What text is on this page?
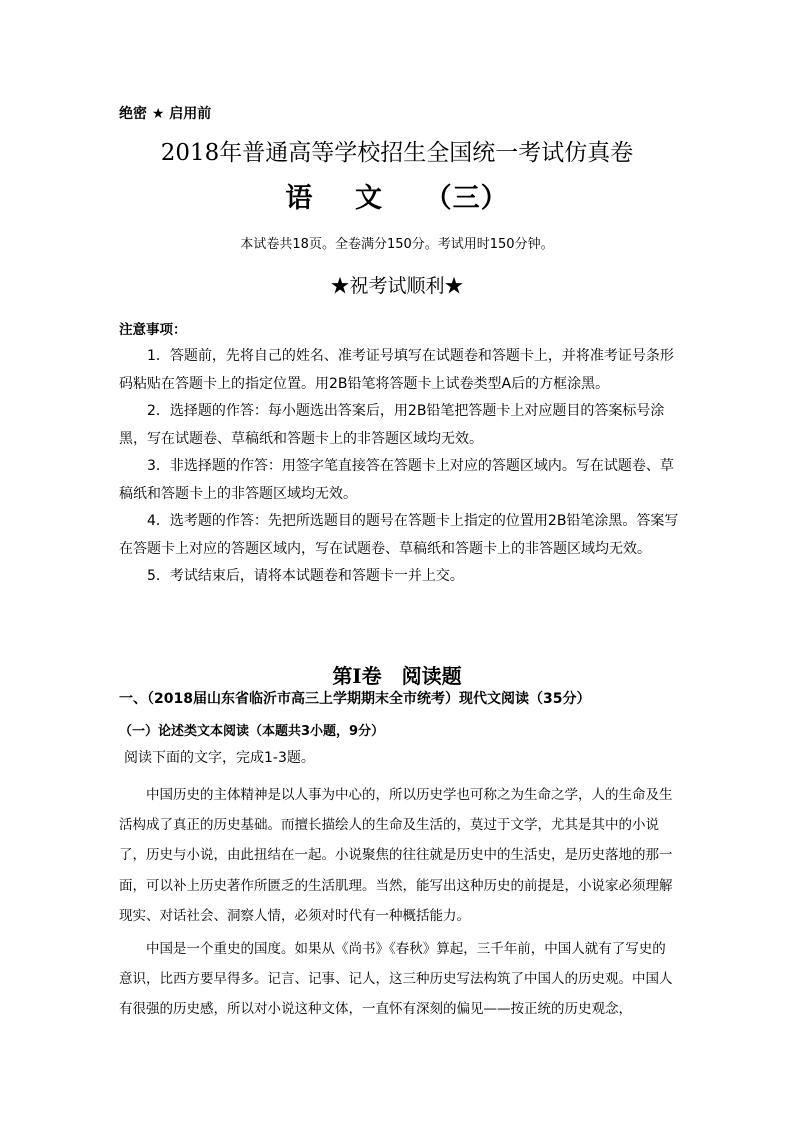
绝密 ★ 启用前
2018年普通高等学校招生全国统一考试仿真卷
语    文    （三）
本试卷共18页。全卷满分150分。考试用时150分钟。
★祝考试顺利★
注意事项：

1．答题前，先将自己的姓名、准考证号填写在试题卷和答题卡上，并将准考证号条形码粘贴在答题卡上的指定位置。用2B铅笔将答题卡上试卷类型A后的方框涂黑。

2．选择题的作答：每小题选出答案后，用2B铅笔把答题卡上对应题目的答案标号涂黑，写在试题卷、草稿纸和答题卡上的非答题区域均无效。

3．非选择题的作答：用签字笔直接答在答题卡上对应的答题区域内。写在试题卷、草稿纸和答题卡上的非答题区域均无效。

4．选考题的作答：先把所选题目的题号在答题卡上指定的位置用2B铅笔涂黑。答案写在答题卡上对应的答题区域内，写在试题卷、草稿纸和答题卡上的非答题区域均无效。

5．考试结束后，请将本试题卷和答题卡一并上交。

第Ⅰ卷　阅读题
一、（2018届山东省临沂市高三上学期期末全市统考）现代文阅读（35分）
（一）论述类文本阅读（本题共3小题，9分）
阅读下面的文字，完成1-3题。

中国历史的主体精神是以人事为中心的，所以历史学也可称之为生命之学，人的生命及生活构成了真正的历史基础。而擅长描绘人的生命及生活的，莫过于文学，尤其是其中的小说了，历史与小说，由此扭结在一起。小说聚焦的往往就是历史中的生活史，是历史落地的那一面，可以补上历史著作所匮乏的生活肌理。当然，能写出这种历史的前提是，小说家必须理解现实、对话社会、洞察人情，必须对时代有一种概括能力。

中国是一个重史的国度。如果从《尚书》《春秋》算起，三千年前，中国人就有了写史的意识，比西方要早得多。记言、记事、记人，这三种历史写法构筑了中国人的历史观。中国人有很强的历史感，所以对小说这种文体，一直怀有深刻的偏见——按正统的历史观念，
